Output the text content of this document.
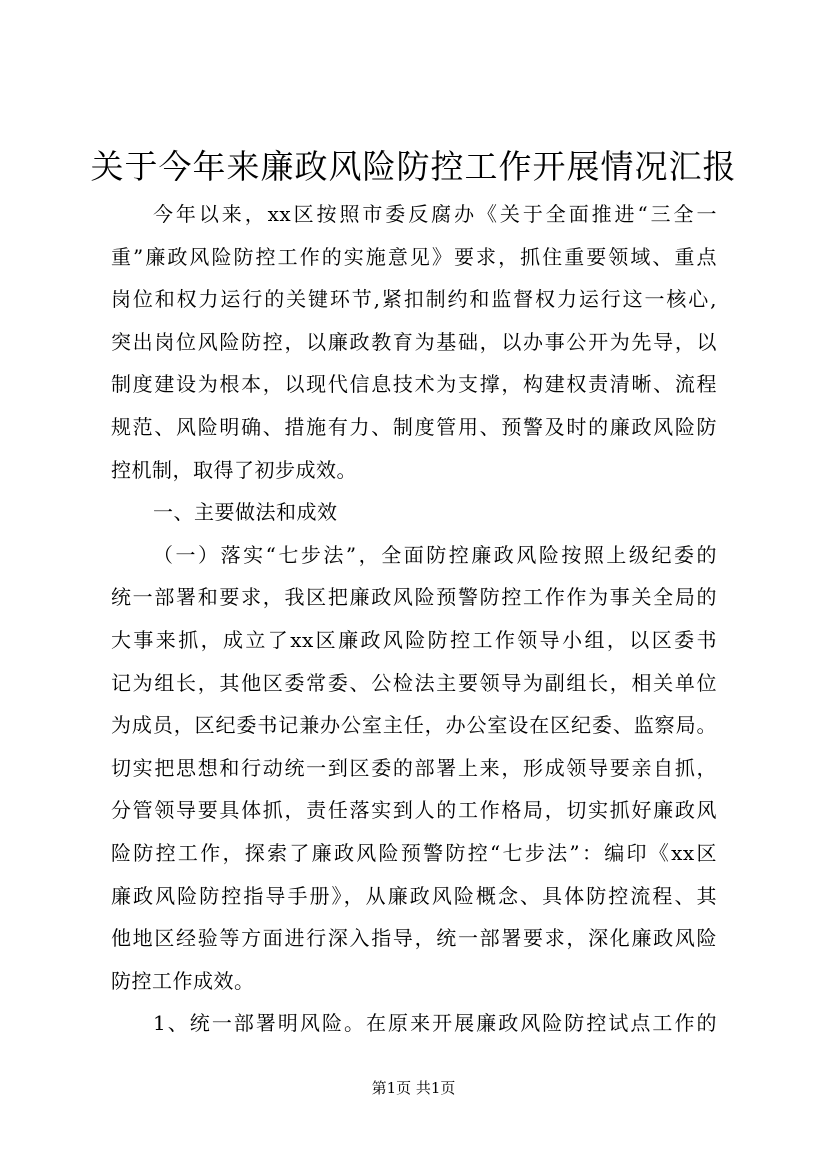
关于今年来廉政风险防控工作开展情况汇报
今年以来，xx区按照市委反腐办《关于全面推进“三全一
重”廉政风险防控工作的实施意见》要求，抓住重要领域、重点
岗位和权力运行的关键环节,紧扣制约和监督权力运行这一核心,
突出岗位风险防控，以廉政教育为基础，以办事公开为先导，以
制度建设为根本，以现代信息技术为支撑，构建权责清晰、流程
规范、风险明确、措施有力、制度管用、预警及时的廉政风险防
控机制，取得了初步成效。
一、主要做法和成效
（一）落实“七步法”，全面防控廉政风险按照上级纪委的
统一部署和要求，我区把廉政风险预警防控工作作为事关全局的
大事来抓，成立了xx区廉政风险防控工作领导小组，以区委书
记为组长，其他区委常委、公检法主要领导为副组长，相关单位
为成员，区纪委书记兼办公室主任，办公室设在区纪委、监察局。
切实把思想和行动统一到区委的部署上来，形成领导要亲自抓，
分管领导要具体抓，责任落实到人的工作格局，切实抓好廉政风
险防控工作，探索了廉政风险预警防控“七步法”：编印《xx区
廉政风险防控指导手册》，从廉政风险概念、具体防控流程、其
他地区经验等方面进行深入指导，统一部署要求，深化廉政风险
防控工作成效。
1、统一部署明风险。在原来开展廉政风险防控试点工作的
第1页 共1页
